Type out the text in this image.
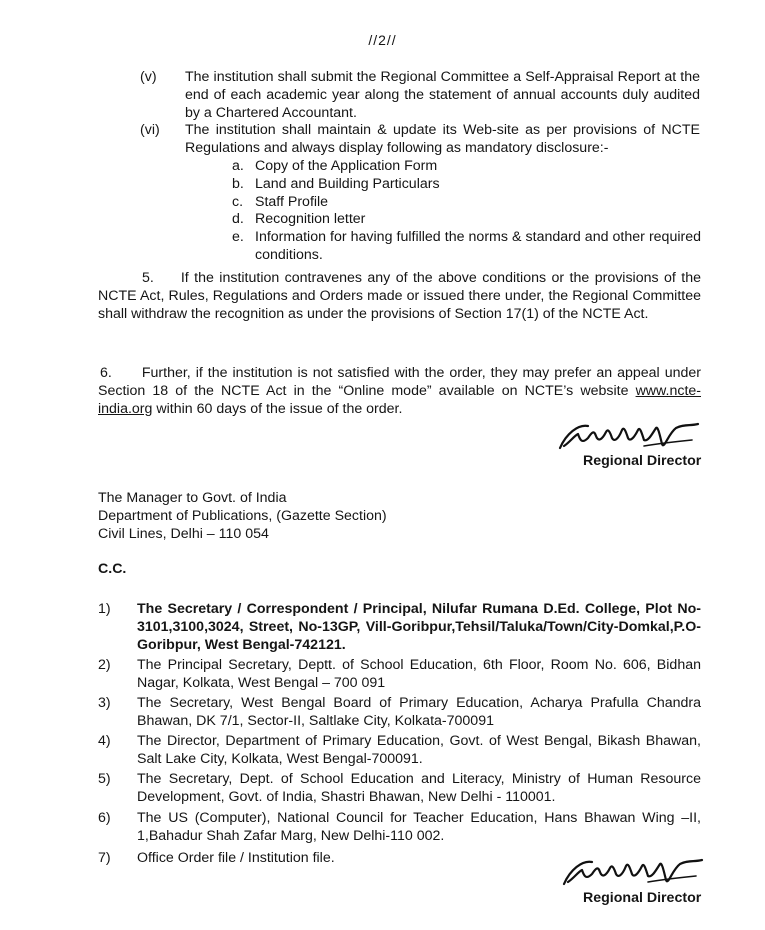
//2//
(v) The institution shall submit the Regional Committee a Self-Appraisal Report at the end of each academic year along the statement of annual accounts duly audited by a Chartered Accountant.
(vi) The institution shall maintain & update its Web-site as per provisions of NCTE Regulations and always display following as mandatory disclosure:-
a. Copy of the Application Form
b. Land and Building Particulars
c. Staff Profile
d. Recognition letter
e. Information for having fulfilled the norms & standard and other required conditions.
5. If the institution contravenes any of the above conditions or the provisions of the NCTE Act, Rules, Regulations and Orders made or issued there under, the Regional Committee shall withdraw the recognition as under the provisions of Section 17(1) of the NCTE Act.
6. Further, if the institution is not satisfied with the order, they may prefer an appeal under Section 18 of the NCTE Act in the “Online mode” available on NCTE’s website www.ncte-india.org within 60 days of the issue of the order.
Regional Director
The Manager to Govt. of India
Department of Publications, (Gazette Section)
Civil Lines, Delhi – 110 054
C.C.
1) The Secretary / Correspondent / Principal, Nilufar Rumana D.Ed. College, Plot No-3101,3100,3024, Street, No-13GP, Vill-Goribpur,Tehsil/Taluka/Town/City-Domkal,P.O-Goribpur, West Bengal-742121.
2) The Principal Secretary, Deptt. of School Education, 6th Floor, Room No. 606, Bidhan Nagar, Kolkata, West Bengal – 700 091
3) The Secretary, West Bengal Board of Primary Education, Acharya Prafulla Chandra Bhawan, DK 7/1, Sector-II, Saltlake City, Kolkata-700091
4) The Director, Department of Primary Education, Govt. of West Bengal, Bikash Bhawan, Salt Lake City, Kolkata, West Bengal-700091.
5) The Secretary, Dept. of School Education and Literacy, Ministry of Human Resource Development, Govt. of India, Shastri Bhawan, New Delhi - 110001.
6) The US (Computer), National Council for Teacher Education, Hans Bhawan Wing –II, 1,Bahadur Shah Zafar Marg, New Delhi-110 002.
7) Office Order file / Institution file.
Regional Director
